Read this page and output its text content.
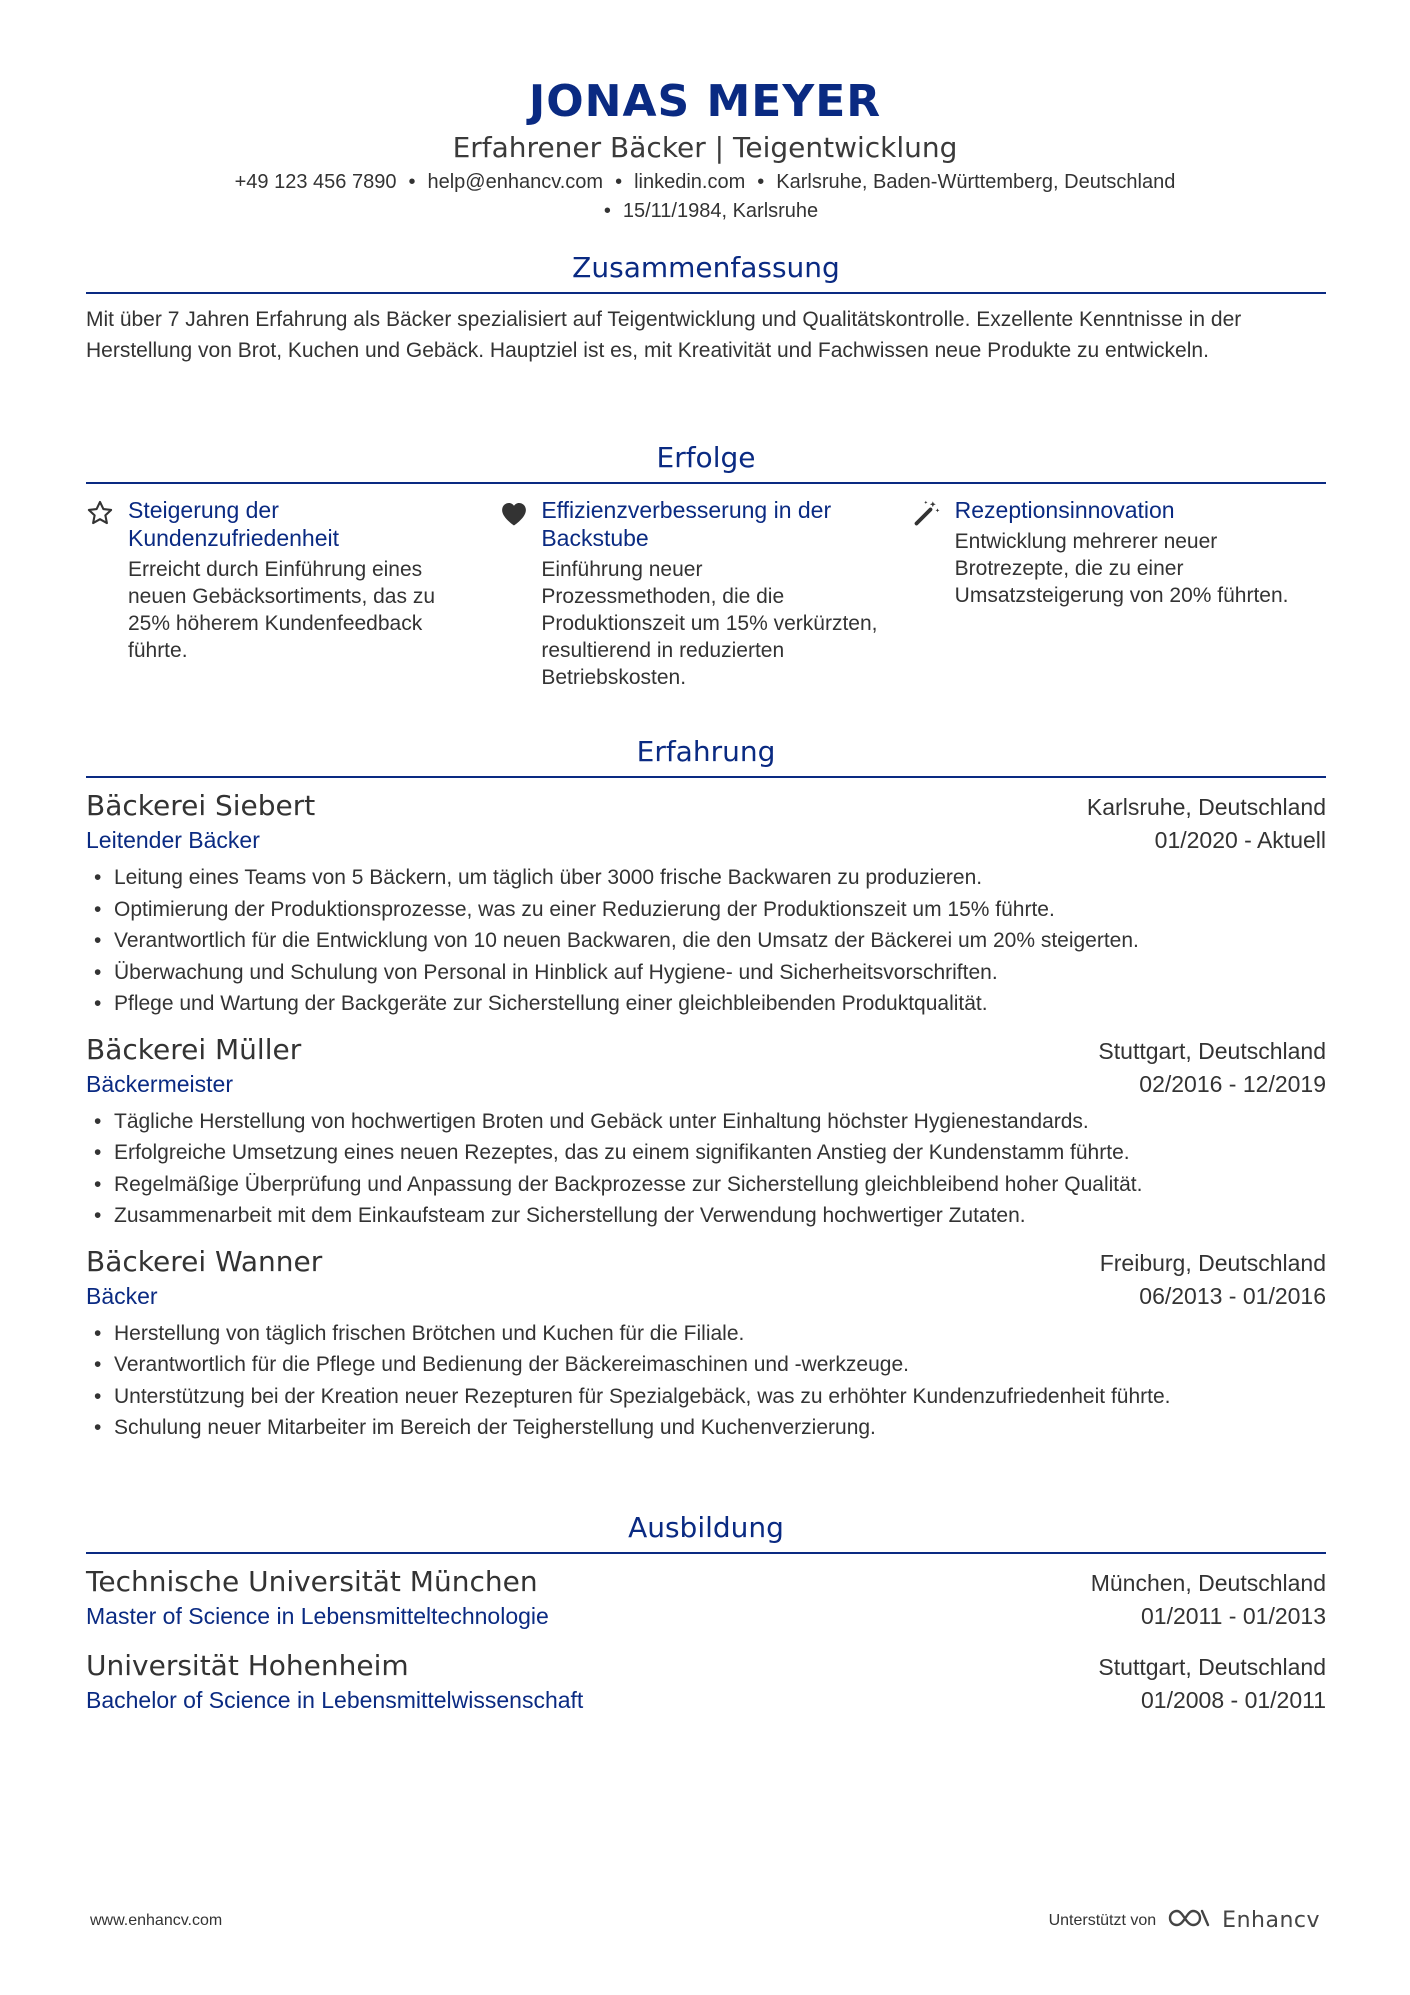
JONAS MEYER
Erfahrener Bäcker | Teigentwicklung
+49 123 456 7890 • help@enhancv.com • linkedin.com • Karlsruhe, Baden-Württemberg, Deutschland
• 15/11/1984, Karlsruhe
Zusammenfassung
Mit über 7 Jahren Erfahrung als Bäcker spezialisiert auf Teigentwicklung und Qualitätskontrolle. Exzellente Kenntnisse in der Herstellung von Brot, Kuchen und Gebäck. Hauptziel ist es, mit Kreativität und Fachwissen neue Produkte zu entwickeln.
Erfolge
Steigerung der Kundenzufriedenheit
Erreicht durch Einführung eines neuen Gebäcksortiments, das zu 25% höherem Kundenfeedback führte.
Effizienzverbesserung in der Backstube
Einführung neuer Prozessmethoden, die die Produktionszeit um 15% verkürzten, resultierend in reduzierten Betriebskosten.
Rezeptionsinnovation
Entwicklung mehrerer neuer Brotrezepte, die zu einer Umsatzsteigerung von 20% führten.
Erfahrung
Bäckerei Siebert	Karlsruhe, Deutschland
Leitender Bäcker	01/2020 - Aktuell
• Leitung eines Teams von 5 Bäckern, um täglich über 3000 frische Backwaren zu produzieren.
• Optimierung der Produktionsprozesse, was zu einer Reduzierung der Produktionszeit um 15% führte.
• Verantwortlich für die Entwicklung von 10 neuen Backwaren, die den Umsatz der Bäckerei um 20% steigerten.
• Überwachung und Schulung von Personal in Hinblick auf Hygiene- und Sicherheitsvorschriften.
• Pflege und Wartung der Backgeräte zur Sicherstellung einer gleichbleibenden Produktqualität.
Bäckerei Müller	Stuttgart, Deutschland
Bäckermeister	02/2016 - 12/2019
• Tägliche Herstellung von hochwertigen Broten und Gebäck unter Einhaltung höchster Hygienestandards.
• Erfolgreiche Umsetzung eines neuen Rezeptes, das zu einem signifikanten Anstieg der Kundenstamm führte.
• Regelmäßige Überprüfung und Anpassung der Backprozesse zur Sicherstellung gleichbleibend hoher Qualität.
• Zusammenarbeit mit dem Einkaufsteam zur Sicherstellung der Verwendung hochwertiger Zutaten.
Bäckerei Wanner	Freiburg, Deutschland
Bäcker	06/2013 - 01/2016
• Herstellung von täglich frischen Brötchen und Kuchen für die Filiale.
• Verantwortlich für die Pflege und Bedienung der Bäckereimaschinen und -werkzeuge.
• Unterstützung bei der Kreation neuer Rezepturen für Spezialgebäck, was zu erhöhter Kundenzufriedenheit führte.
• Schulung neuer Mitarbeiter im Bereich der Teigherstellung und Kuchenverzierung.
Ausbildung
Technische Universität München	München, Deutschland
Master of Science in Lebensmitteltechnologie	01/2011 - 01/2013
Universität Hohenheim	Stuttgart, Deutschland
Bachelor of Science in Lebensmittelwissenschaft	01/2008 - 01/2011
www.enhancv.com	Unterstützt von	Enhancv
